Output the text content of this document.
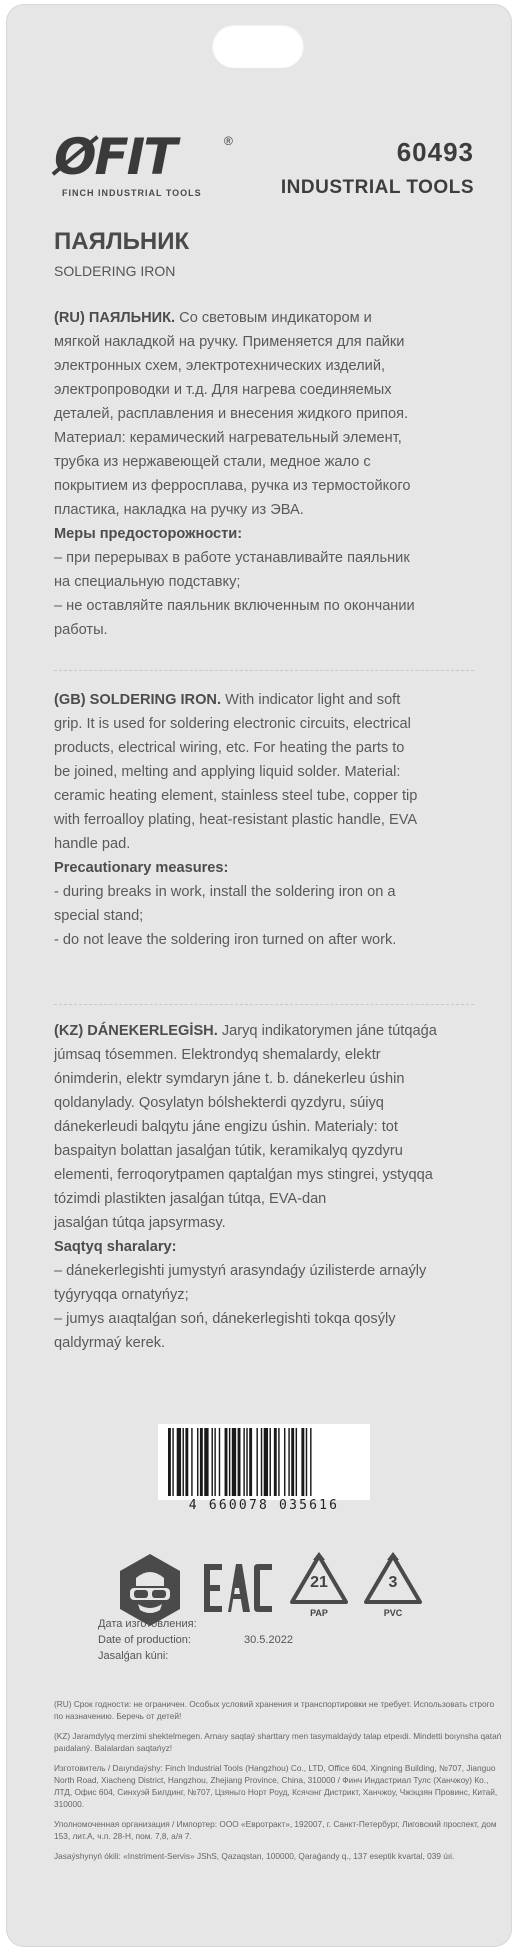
ØFIT	®
FINCH INDUSTRIAL TOOLS
60493
INDUSTRIAL TOOLS
ПАЯЛЬНИК
SOLDERING IRON

(RU) ПАЯЛЬНИК. Со световым индикатором и

мягкой накладкой на ручку. Применяется для пайки

электронных схем, электротехнических изделий,

электропроводки и т.д. Для нагрева соединяемых

деталей, расплавления и внесения жидкого припоя.

Материал: керамический нагревательный элемент,

трубка из нержавеющей стали, медное жало с

покрытием из ферросплава, ручка из термостойкого

пластика, накладка на ручку из ЭВА.

Меры предосторожности:

– при перерывах в работе устанавливайте паяльник

на специальную подставку;

– не оставляйте паяльник включенным по окончании

работы.

(GB) SOLDERING IRON. With indicator light and soft

grip. It is used for soldering electronic circuits, electrical

products, electrical wiring, etc. For heating the parts to

be joined, melting and applying liquid solder. Material:

ceramic heating element, stainless steel tube, copper tip

with ferroalloy plating, heat-resistant plastic handle, EVA

handle pad.

Precautionary measures:

- during breaks in work, install the soldering iron on a

special stand;

- do not leave the soldering iron turned on after work.

(KZ) DÁNEKERLEGİSH. Jaryq indikatorymen jáne tútqaǵa

júmsaq tósemmen. Elektrondyq shemalardy, elektr

ónimderin, elektr symdaryn jáne t. b. dánekerleu úshin

qoldanylady. Qosylatyn bólshekterdi qyzdyru, súiyq

dánekerleudi balqytu jáne engizu úshin. Materialy: tot

baspaityn bolattan jasalǵan tútik, keramikalyq qyzdyru

elementi, ferroqorytpamen qaptalǵan mys stingrei, ystyqqa

tózimdi plastikten jasalǵan tútqa, EVA-dan

jasalǵan tútqa japsyrmasy.

Saqtyq sharalary:

– dánekerlegishti jumystyń arasyndaǵy úzilisterde arnaýly

tyǵyryqqa ornatyńyz;

– jumys aıaqtalǵan soń, dánekerlegishti tokqa qosýly

qaldyrmaý kerek.

4 660078 035616
21
PAP
3
PVC
Дата изготовления:
Date of production:	30.5.2022
Jasalǵan kúni:

(RU) Срок годности: не ограничен. Особых условий хранения и транспортировки не требует. Использовать строго по назначению. Беречь от детей!

(KZ) Jaramdylyq merzimi shektelmegen. Arnaıy saqtaý sharttary men tasymaldaýdy talap etpeıdi. Mindetti boıynsha qatań paıdalaný. Balalardan saqtańyz!

Изготовитель / Daıyndaýshy: Finch Industrial Tools (Hangzhou) Co., LTD, Office 604, Xingning Building, №707, Jianguo North Road, Xiacheng District, Hangzhou, Zhejiang Province, China, 310000 / Финч Индастриал Тулс (Ханчжоу) Ко., ЛТД, Офис 604, Синхуэй Билдинг, №707, Цзяньго Норт Роуд, Ксячэнг Дистрикт, Ханчжоу, Чжэцзян Провинс, Китай, 310000.

Уполномоченная организация / Импортер: ООО «Евротракт», 192007, г. Санкт-Петербург, Лиговский проспект, дом 153, лит.А, ч.п. 28-Н, пом. 7,8, а/я 7.

Jasaýshynyń ókili: «Instriment-Servis» JShS, Qazaqstan, 100000, Qaraǵandy q., 137 eseptik kvartal, 039 úıi.
